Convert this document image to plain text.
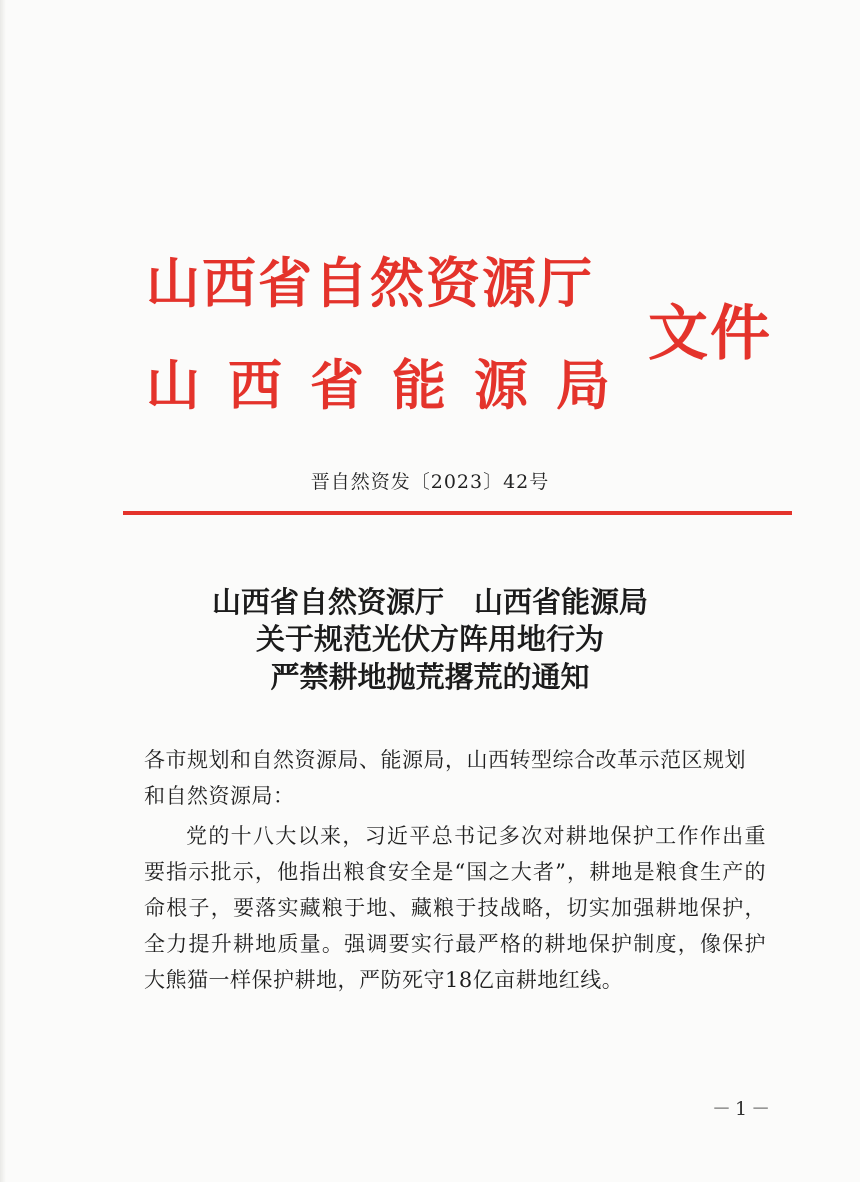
山西省自然资源厅
山西省能源局
文件
晋自然资发〔2023〕42号
山西省自然资源厅 山西省能源局
关于规范光伏方阵用地行为
严禁耕地抛荒撂荒的通知
各市规划和自然资源局、能源局，山西转型综合改革示范区规划和自然资源局：
党的十八大以来，习近平总书记多次对耕地保护工作作出重要指示批示，他指出粮食安全是“国之大者”，耕地是粮食生产的命根子，要落实藏粮于地、藏粮于技战略，切实加强耕地保护，全力提升耕地质量。强调要实行最严格的耕地保护制度，像保护大熊猫一样保护耕地，严防死守18亿亩耕地红线。
－1－
